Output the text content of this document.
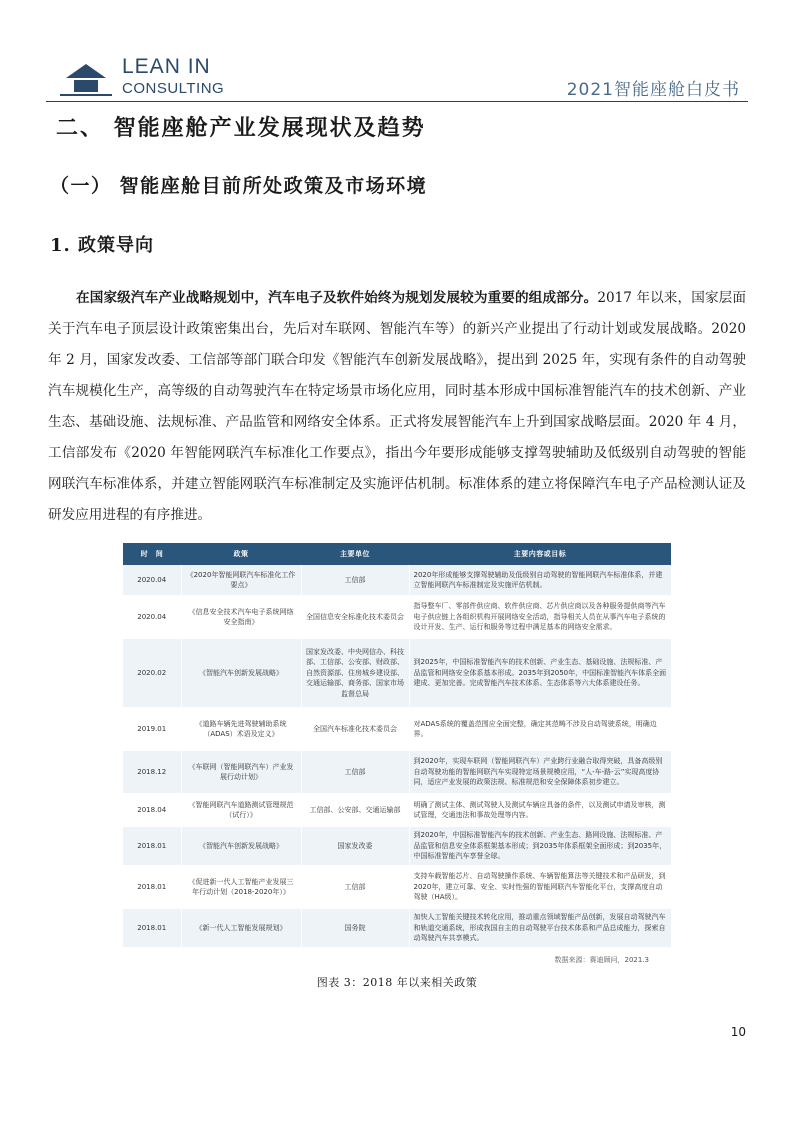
LEAN IN
CONSULTING	2021智能座舱白皮书
二、 智能座舱产业发展现状及趋势
（一） 智能座舱目前所处政策及市场环境
1. 政策导向

在国家级汽车产业战略规划中，汽车电子及软件始终为规划发展较为重要的组成部分。2017 年以来，国家层面关于汽车电子顶层设计政策密集出台，先后对车联网、智能汽车等）的新兴产业提出了行动计划或发展战略。2020 年 2 月，国家发改委、工信部等部门联合印发《智能汽车创新发展战略》，提出到 2025 年，实现有条件的自动驾驶汽车规模化生产，高等级的自动驾驶汽车在特定场景市场化应用，同时基本形成中国标准智能汽车的技术创新、产业生态、基础设施、法规标准、产品监管和网络安全体系。正式将发展智能汽车上升到国家战略层面。2020 年 4 月，工信部发布《2020 年智能网联汽车标准化工作要点》，指出今年要形成能够支撑驾驶辅助及低级别自动驾驶的智能网联汽车标准体系，并建立智能网联汽车标准制定及实施评估机制。标准体系的建立将保障汽车电子产品检测认证及研发应用进程的有序推进。

时　间	政策	主要单位	主要内容或目标
2020.04	《2020年智能网联汽车标准化工作要点》	工信部	2020年形成能够支撑驾驶辅助及低级别自动驾驶的智能网联汽车标准体系，并建立智能网联汽车标准制定及实施评估机制。
2020.04	《信息安全技术汽车电子系统网络安全指南》	全国信息安全标准化技术委员会	指导整车厂、零部件供应商、软件供应商、芯片供应商以及各种服务提供商等汽车电子供应链上各组织机构开展网络安全活动，指导相关人员在从事汽车电子系统的设计开发、生产、运行和服务等过程中满足基本的网络安全需求。
2020.02	《智能汽车创新发展战略》	国家发改委、中央网信办、科技部、工信部、公安部、财政部、自然资源部、住房城乡建设部、交通运输部、商务部、国家市场监督总局	到2025年，中国标准智能汽车的技术创新、产业生态、基础设施、法规标准、产品监管和网络安全体系基本形成。2035年到2050年，中国标准智能汽车体系全面建成、更加完善。完成智能汽车技术体系、生态体系等六大体系建设任务。
2019.01	《道路车辆先进驾驶辅助系统（ADAS）术语及定义》	全国汽车标准化技术委员会	对ADAS系统的覆盖范围应全面完整，确定其范畴不涉及自动驾驶系统，明确边界。
2018.12	《车联网（智能网联汽车）产业发展行动计划》	工信部	到2020年，实现车联网（智能网联汽车）产业跨行业融合取得突破，具备高级别自动驾驶功能的智能网联汽车实现特定场景规模应用，“人-车-路-云”实现高度协同，适应产业发展的政策法规、标准规范和安全保障体系初步建立。
2018.04	《智能网联汽车道路测试管理规范（试行）》	工信部、公安部、交通运输部	明确了测试主体、测试驾驶人及测试车辆应具备的条件，以及测试申请及审核，测试管理，交通违法和事故处理等内容。
2018.01	《智能汽车创新发展战略》	国家发改委	到2020年，中国标准智能汽车的技术创新、产业生态、路网设施、法规标准、产品监管和信息安全体系框架基本形成；到2035年体系框架全面形成；到2035年，中国标准智能汽车享誉全球。
2018.01	《促进新一代人工智能产业发展三年行动计划（2018-2020年）》	工信部	支持车载智能芯片、自动驾驶操作系统、车辆智能算法等关键技术和产品研发，到2020年，建立可靠、安全、实时性强的智能网联汽车智能化平台，支撑高度自动驾驶（HA级）。
2018.01	《新一代人工智能发展规划》	国务院	加快人工智能关键技术转化应用，推动重点领域智能产品创新，发展自动驾驶汽车和轨道交通系统，形成我国自主的自动驾驶平台技术体系和产品总成能力，探索自动驾驶汽车共享模式。
数据来源：赛迪顾问，2021.3
图表 3：2018 年以来相关政策
10
